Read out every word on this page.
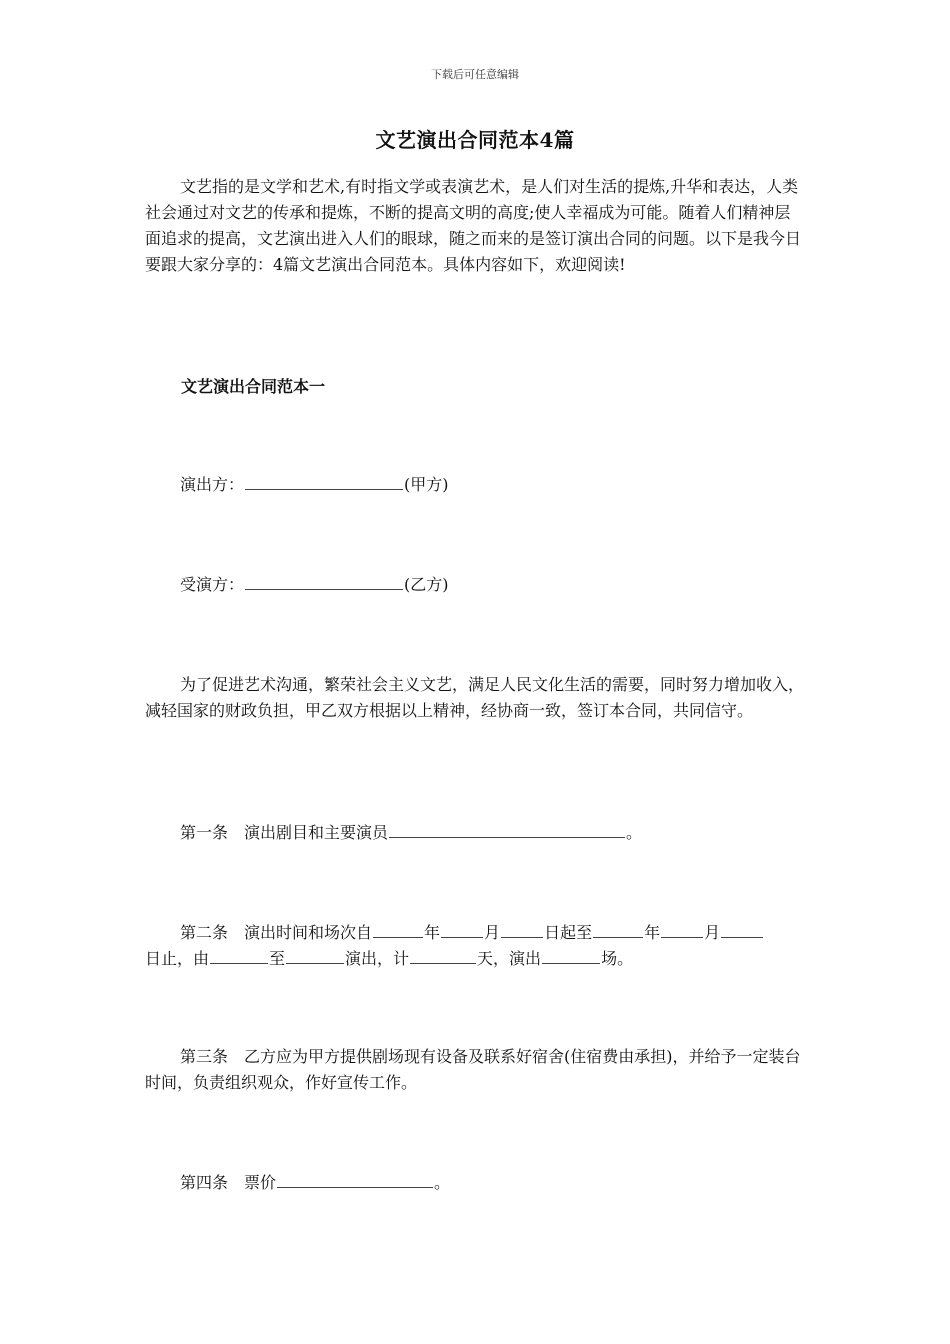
下载后可任意编辑
文艺演出合同范本4篇

文艺指的是文学和艺术,有时指文学或表演艺术，是人们对生活的提炼,升华和表达，人类社会通过对文艺的传承和提炼，不断的提高文明的高度;使人幸福成为可能。随着人们精神层面追求的提高，文艺演出进入人们的眼球，随之而来的是签订演出合同的问题。以下是我今日要跟大家分享的：4篇文艺演出合同范本。具体内容如下，欢迎阅读!

文艺演出合同范本一
演出方：	(甲方)
受演方：	(乙方)

为了促进艺术沟通，繁荣社会主义文艺，满足人民文化生活的需要，同时努力增加收入，减轻国家的财政负担，甲乙双方根据以上精神，经协商一致，签订本合同，共同信守。

第一条 演出剧目和主要演员	。
第二条 演出时间和场次自	年	月	日起至	年	月
日止，由	至	演出，计	天，演出	场。
第三条 乙方应为甲方提供剧场现有设备及联系好宿舍(住宿费由承担)，并给予一定装台时间，负责组织观众，作好宣传工作。
第四条 票价	。
